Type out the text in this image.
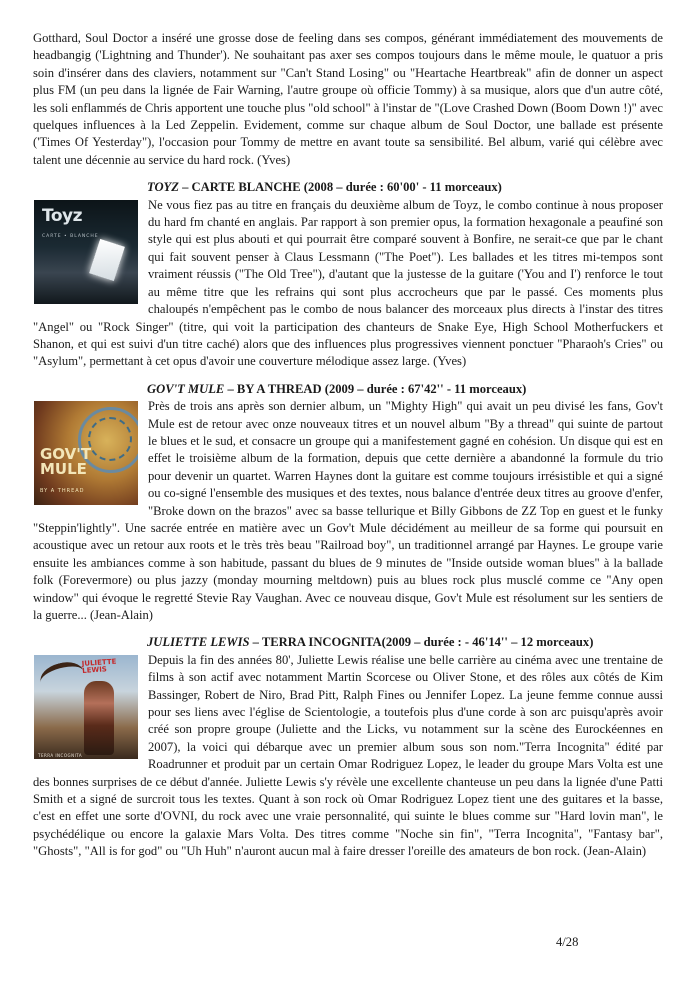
Gotthard, Soul Doctor a inséré une grosse dose de feeling dans ses compos, générant immédiatement des mouvements de headbangig ('Lightning and Thunder'). Ne souhaitant pas axer ses compos toujours dans le même moule, le quatuor a pris soin d'insérer dans des claviers, notamment sur "Can't Stand Losing" ou "Heartache Heartbreak" afin de donner un aspect plus FM (un peu dans la lignée de Fair Warning, l'autre groupe où officie Tommy) à sa musique, alors que d'un autre côté, les soli enflammés de Chris apportent une touche plus "old school" à l'instar de "(Love Crashed Down (Boom Down !)" avec quelques influences à la Led Zeppelin. Evidement, comme sur chaque album de Soul Doctor, une ballade est présente ('Times Of Yesterday"), l'occasion pour Tommy de mettre en avant toute sa sensibilité. Bel album, varié qui célèbre avec talent une décennie au service du hard rock. (Yves)

TOYZ – CARTE BLANCHE (2008 – durée : 60'00' - 11 morceaux)

Toyz
CARTE • BLANCHE

Ne vous fiez pas au titre en français du deuxième album de Toyz, le combo continue à nous proposer du hard fm chanté en anglais. Par rapport à son premier opus, la formation hexagonale a peaufiné son style qui est plus abouti et qui pourrait être comparé souvent à Bonfire, ne serait-ce que par le chant qui fait souvent penser à Claus Lessmann ("The Poet"). Les ballades et les titres mi-tempos sont vraiment réussis ("The Old Tree"), d'autant que la justesse de la guitare ('You and I') renforce le tout au même titre que les refrains qui sont plus accrocheurs que par le passé. Ces moments plus chaloupés n'empêchent pas le combo de nous balancer des morceaux plus directs à l'instar des titres "Angel" ou "Rock Singer" (titre, qui voit la participation des chanteurs de Snake Eye, High School Motherfuckers et Shanon, et qui est suivi d'un titre caché) alors que des influences plus progressives viennent ponctuer "Pharaoh's Cries" ou "Asylum", permettant à cet opus d'avoir une couverture mélodique assez large. (Yves)

GOV'T MULE – BY A THREAD (2009 – durée : 67'42'' - 11 morceaux)

GOV'T MULE
BY A THREAD

Près de trois ans après son dernier album, un "Mighty High" qui avait un peu divisé les fans, Gov't Mule est de retour avec onze nouveaux titres et un nouvel album "By a thread" qui suinte de partout le blues et le sud, et consacre un groupe qui a manifestement gagné en cohésion. Un disque qui est en effet le troisième album de la formation, depuis que cette dernière a abandonné la formule du trio pour devenir un quartet. Warren Haynes dont la guitare est comme toujours irrésistible et qui a signé ou co-signé l'ensemble des musiques et des textes, nous balance d'entrée deux titres au groove d'enfer, "Broke down on the brazos" avec sa basse tellurique et Billy Gibbons de ZZ Top en guest et le funky "Steppin'lightly". Une sacrée entrée en matière avec un Gov't Mule décidément au meilleur de sa forme qui poursuit en acoustique avec un retour aux roots et le très très beau "Railroad boy", un traditionnel arrangé par Haynes. Le groupe varie ensuite les ambiances comme à son habitude, passant du blues de 9 minutes de "Inside outside woman blues" à la ballade folk (Forevermore) ou plus jazzy (monday mourning meltdown) puis au blues rock plus musclé comme ce "Any open window" qui évoque le regretté Stevie Ray Vaughan. Avec ce nouveau disque, Gov't Mule est résolument sur les sentiers de la guerre... (Jean-Alain)

JULIETTE LEWIS – TERRA INCOGNITA(2009 – durée : - 46'14'' – 12 morceaux)

JULIETTE LEWIS
TERRA INCOGNITA

Depuis la fin des années 80', Juliette Lewis réalise une belle carrière au cinéma avec une trentaine de films à son actif avec notamment Martin Scorcese ou Oliver Stone, et des rôles aux côtés de Kim Bassinger, Robert de Niro, Brad Pitt, Ralph Fines ou Jennifer Lopez. La jeune femme connue aussi pour ses liens avec l'église de Scientologie, a toutefois plus d'une corde à son arc puisqu'après avoir créé son propre groupe (Juliette and the Licks, vu notamment sur la scène des Eurockéennes en 2007), la voici qui débarque avec un premier album sous son nom."Terra Incognita" édité par Roadrunner et produit par un certain Omar Rodriguez Lopez, le leader du groupe Mars Volta est une des bonnes surprises de ce début d'année. Juliette Lewis s'y révèle une excellente chanteuse un peu dans la lignée d'une Patti Smith et a signé de surcroit tous les textes. Quant à son rock où Omar Rodriguez Lopez tient une des guitares et la basse, c'est en effet une sorte d'OVNI, du rock avec une vraie personnalité, qui suinte le blues comme sur "Hard lovin man", le psychédélique ou encore la galaxie Mars Volta. Des titres comme "Noche sin fin", "Terra Incognita", "Fantasy bar", "Ghosts", "All is for god" ou "Uh Huh" n'auront aucun mal à faire dresser l'oreille des amateurs de bon rock. (Jean-Alain)

4/28
